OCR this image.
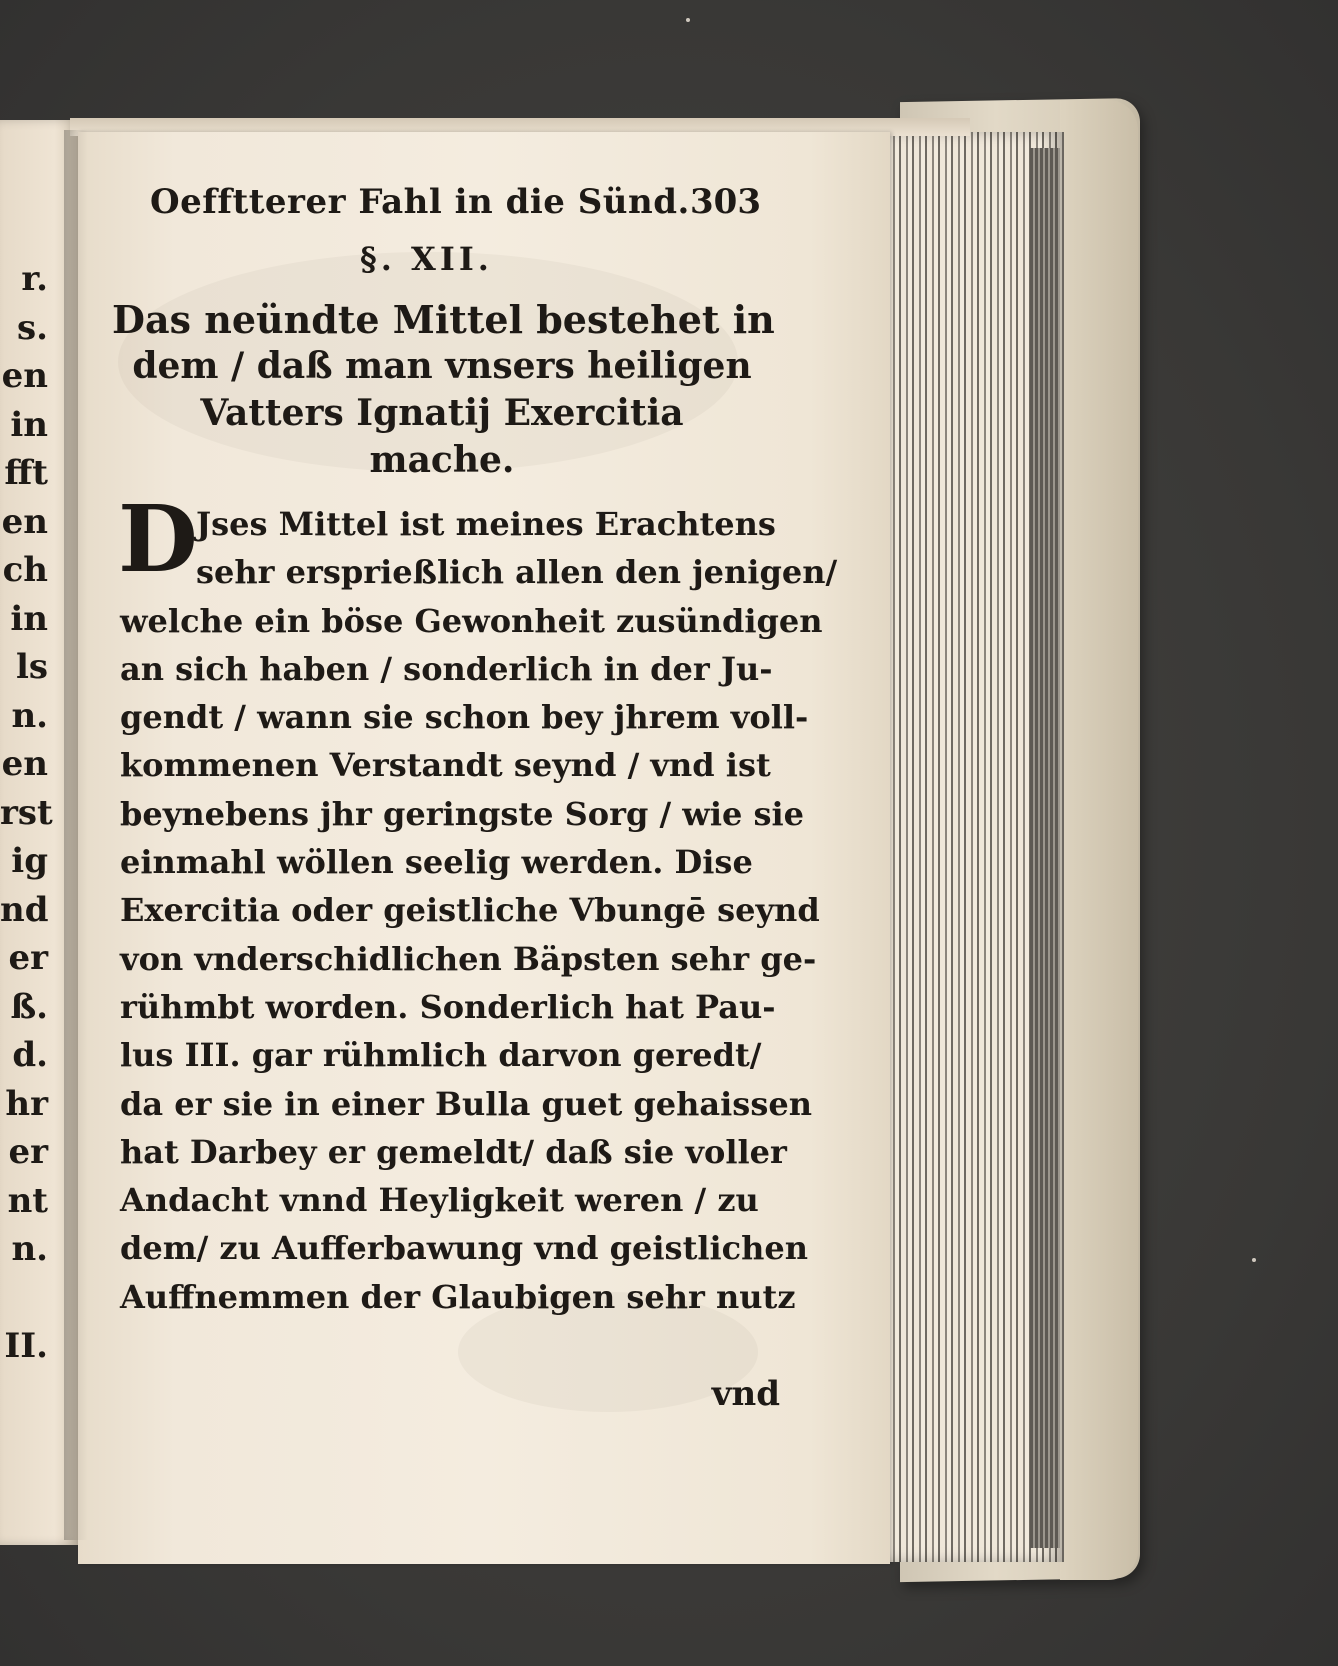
r.
s.
en
in
fft
en
ch
in
ls
n.
en
rst
ig
nd
er
ß.
d.
hr
er
nt
n.
II.
Oefftterer Fahl in die Sünd. 303
§. XII.
Das neündte Mittel bestehet in
dem / daß man vnsers heiligen
Vatters Ignatij Exercitia
mache.
D
Jses Mittel ist meines Erachtens
sehr ersprießlich allen den jenigen/
welche ein böse Gewonheit zusündigen
an sich haben / sonderlich in der Ju-
gendt / wann sie schon bey jhrem voll-
kommenen Verstandt seynd / vnd ist
beynebens jhr geringste Sorg / wie sie
einmahl wöllen seelig werden. Dise
Exercitia oder geistliche Vbungē seynd
von vnderschidlichen Bäpsten sehr ge-
rühmbt worden. Sonderlich hat Pau-
lus III. gar rühmlich darvon geredt/
da er sie in einer Bulla guet gehaissen
hat Darbey er gemeldt/ daß sie voller
Andacht vnnd Heyligkeit weren / zu
dem/ zu Aufferbawung vnd geistlichen
Auffnemmen der Glaubigen sehr nutz
vnd
